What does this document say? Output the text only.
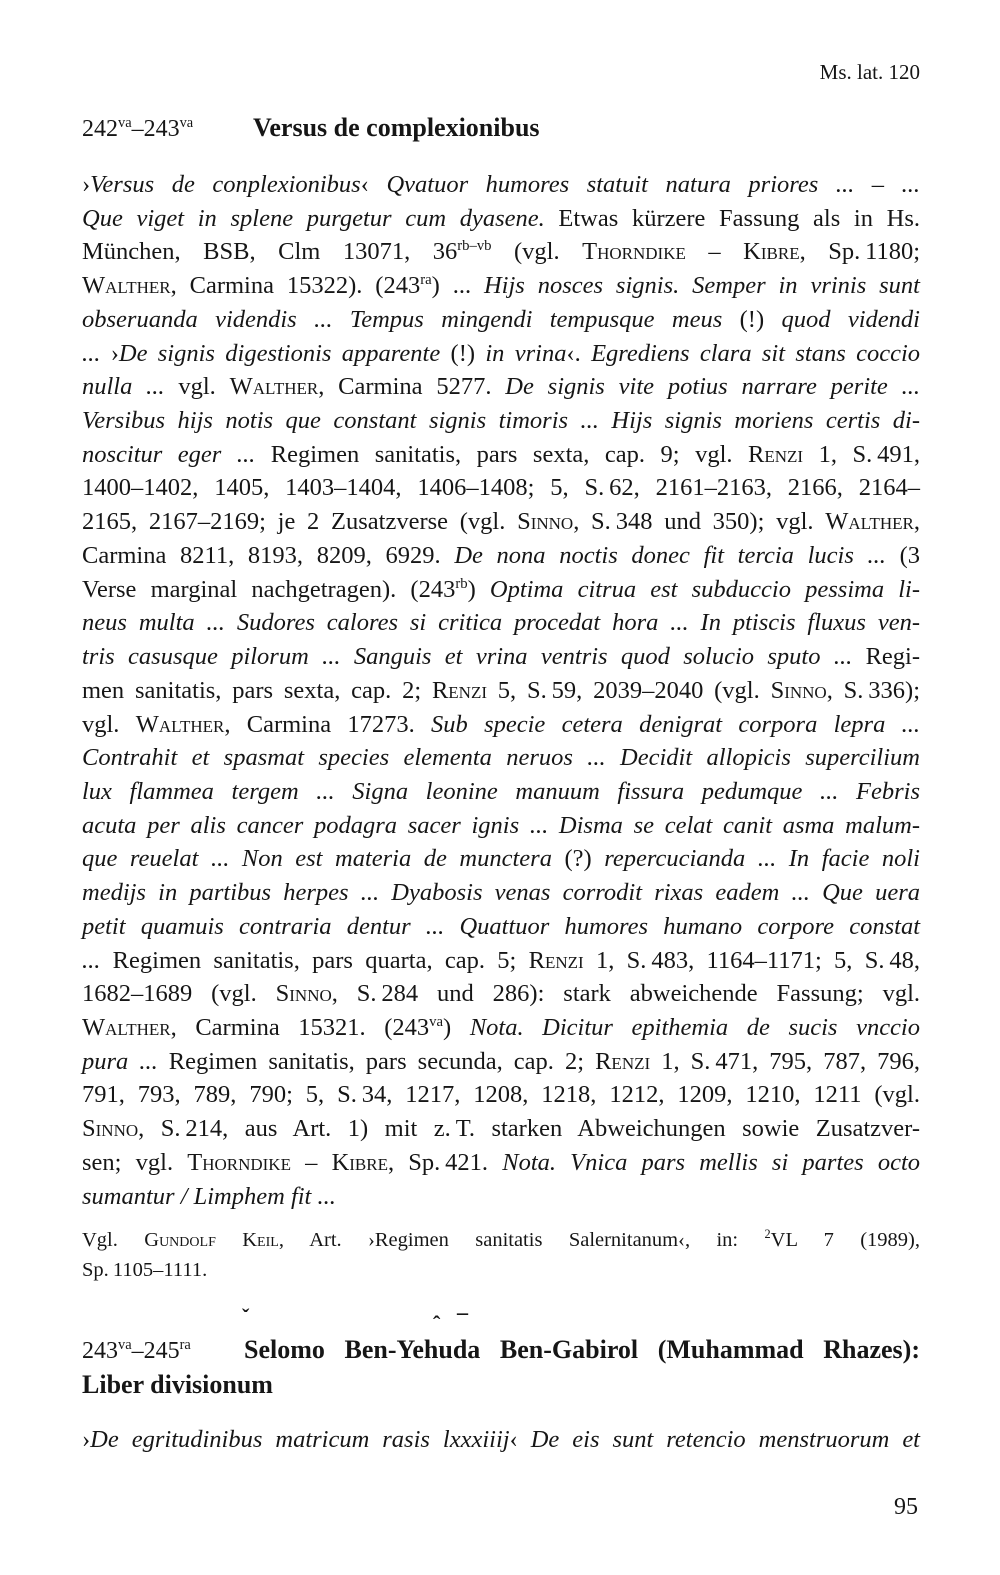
Ms. lat. 120
$242^{va}-243^{va}$ Versus de complexionibus
›Versus de conplexionibus‹ Qvatuor humores statuit natura priores ... – ...
Que viget in splene purgetur cum dyasene. Etwas kürzere Fassung als in Hs.
München, BSB, Clm 13071, $36^{rb-vb}$ (vgl. Thorndike – Kibre, Sp. 1180;
Walther, Carmina 15322). $(243^{ra})$ ... Hijs nosces signis. Semper in vrinis sunt
obseruanda videndis ... Tempus mingendi tempusque meus (!) quod videndi
... ›De signis digestionis apparente (!) in vrina‹. Egrediens clara sit stans coccio
nulla ... vgl. Walther, Carmina 5277. De signis vite potius narrare perite ...
Versibus hijs notis que constant signis timoris ... Hijs signis moriens certis di-
noscitur eger ... Regimen sanitatis, pars sexta, cap. 9; vgl. Renzi 1, S. 491,
1400–1402, 1405, 1403–1404, 1406–1408; 5, S. 62, 2161–2163, 2166, 2164–
2165, 2167–2169; je 2 Zusatzverse (vgl. Sinno, S. 348 und 350); vgl. Walther,
Carmina 8211, 8193, 8209, 6929. De nona noctis donec fit tercia lucis ... (3
Verse marginal nachgetragen). $(243^{rb})$ Optima citrua est subduccio pessima li-
neus multa ... Sudores calores si critica procedat hora ... In ptiscis fluxus ven-
tris casusque pilorum ... Sanguis et vrina ventris quod solucio sputo ... Regi-
men sanitatis, pars sexta, cap. 2; Renzi 5, S. 59, 2039–2040 (vgl. Sinno, S. 336);
vgl. Walther, Carmina 17273. Sub specie cetera denigrat corpora lepra ...
Contrahit et spasmat species elementa neruos ... Decidit allopicis supercilium
lux flammea tergem ... Signa leonine manuum fissura pedumque ... Febris
acuta per alis cancer podagra sacer ignis ... Disma se celat canit asma malum-
que reuelat ... Non est materia de munctera (?) repercucianda ... In facie noli
medijs in partibus herpes ... Dyabosis venas corrodit rixas eadem ... Que uera
petit quamuis contraria dentur ... Quattuor humores humano corpore constat
... Regimen sanitatis, pars quarta, cap. 5; Renzi 1, S. 483, 1164–1171; 5, S. 48,
1682–1689 (vgl. Sinno, S. 284 und 286): stark abweichende Fassung; vgl.
Walther, Carmina 15321. $(243^{va})$ Nota. Dicitur epithemia de sucis vnccio
pura ... Regimen sanitatis, pars secunda, cap. 2; Renzi 1, S. 471, 795, 787, 796,
791, 793, 789, 790; 5, S. 34, 1217, 1208, 1218, 1212, 1209, 1210, 1211 (vgl.
Sinno, S. 214, aus Art. 1) mit z. T. starken Abweichungen sowie Zusatzver-
sen; vgl. Thorndike – Kibre, Sp. 421. Nota. Vnica pars mellis si partes octo
sumantur / Limphem fit ...
Vgl. Gundolf Keil, Art. ›Regimen sanitatis Salernitanum‹, in: $^2$VL 7 (1989),
Sp. 1105–1111.
ˇ	ˆ ¯
$243^{va}-245^{ra}$ Selomo Ben-Yehuda Ben-Gabirol (Muhammad Rhazes):
Liber divisionum
›De egritudinibus matricum rasis lxxxiiij‹ De eis sunt retencio menstruorum et
95
